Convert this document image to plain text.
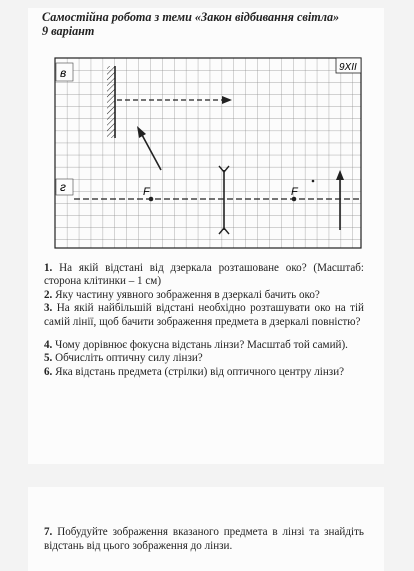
Самостійна робота з теми «Закон відбивання світла»
9 варіант
в
г
9XII
F	F

1. На якій відстані від дзеркала розташоване око? (Масштаб: сторона клітинки – 1 см)

2. Яку частину уявного зображення в дзеркалі бачить око?

3. На якій найбільшій відстані необхідно розташувати око на тій самій лінії, щоб бачити зображення предмета в дзеркалі повністю?

4. Чому дорівнює фокусна відстань лінзи? Масштаб той самий).

5. Обчисліть оптичну силу лінзи?

6. Яка відстань предмета (стрілки) від оптичного центру лінзи?

7. Побудуйте зображення вказаного предмета в лінзі та знайдіть відстань від цього зображення до лінзи.
